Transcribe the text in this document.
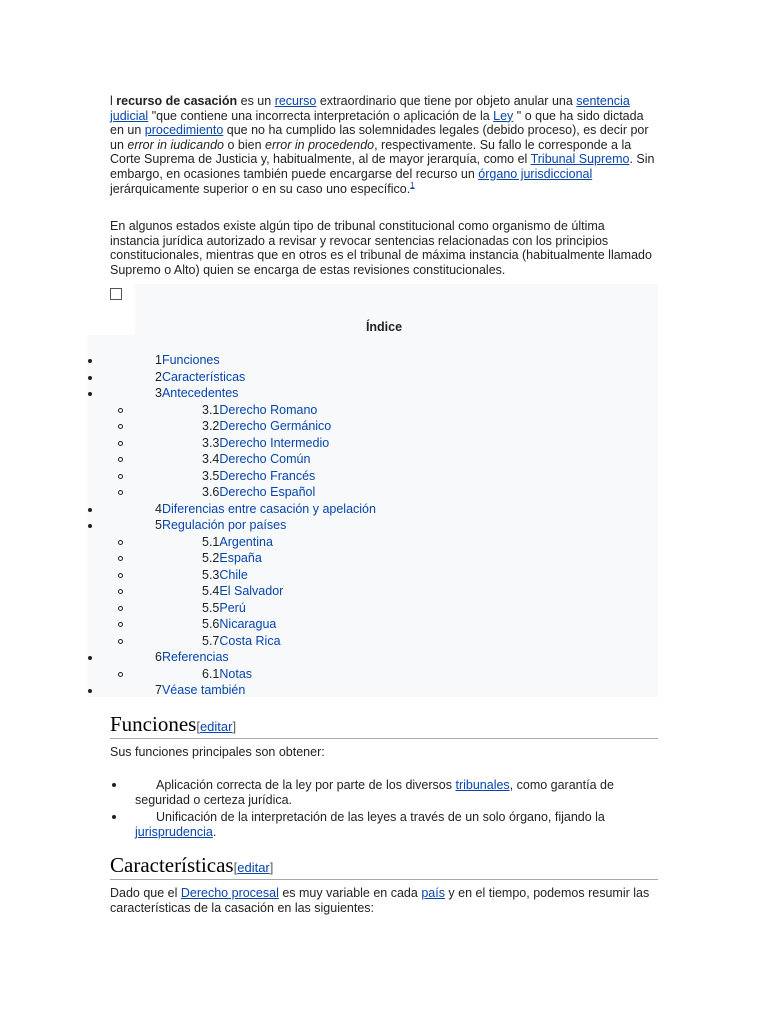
l recurso de casación es un recurso extraordinario que tiene por objeto anular una sentencia judicial "que contiene una incorrecta interpretación o aplicación de la Ley " o que ha sido dictada en un procedimiento que no ha cumplido las solemnidades legales (debido proceso), es decir por un error in iudicando o bien error in procedendo, respectivamente. Su fallo le corresponde a la Corte Suprema de Justicia y, habitualmente, al de mayor jerarquía, como el Tribunal Supremo. Sin embargo, en ocasiones también puede encargarse del recurso un órgano jurisdiccional jerárquicamente superior o en su caso uno específico.$^1$
En algunos estados existe algún tipo de tribunal constitucional como organismo de última instancia jurídica autorizado a revisar y revocar sentencias relacionadas con los principios constitucionales, mientras que en otros es el tribunal de máxima instancia (habitualmente llamado Supremo o Alto) quien se encarga de estas revisiones constitucionales.
Índice
1Funciones
2Características
3Antecedentes
3.1Derecho Romano
3.2Derecho Germánico
3.3Derecho Intermedio
3.4Derecho Común
3.5Derecho Francés
3.6Derecho Español
4Diferencias entre casación y apelación
5Regulación por países
5.1Argentina
5.2España
5.3Chile
5.4El Salvador
5.5Perú
5.6Nicaragua
5.7Costa Rica
6Referencias
6.1Notas
7Véase también
Funciones[editar]
Sus funciones principales son obtener:
Aplicación correcta de la ley por parte de los diversos tribunales, como garantía de seguridad o certeza jurídica.
Unificación de la interpretación de las leyes a través de un solo órgano, fijando la jurisprudencia.
Características[editar]
Dado que el Derecho procesal es muy variable en cada país y en el tiempo, podemos resumir las características de la casación en las siguientes:
